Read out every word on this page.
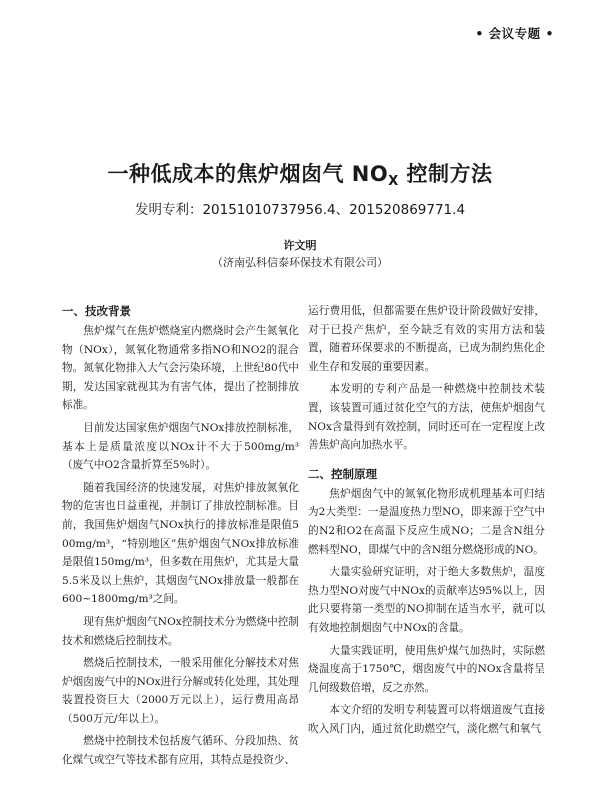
• 会议专题 •
一种低成本的焦炉烟囱气 $NO_X$ 控制方法
发明专利：20151010737956.4、201520869771.4
许文明
（济南弘科信泰环保技术有限公司）
一、技改背景

焦炉煤气在焦炉燃烧室内燃烧时会产生氮氧化物（NOx），氮氧化物通常多指NO和NO2的混合物。氮氧化物排入大气会污染环境，上世纪80代中期，发达国家就视其为有害气体，提出了控制排放标准。

目前发达国家焦炉烟囱气NOx排放控制标准，基本上是质量浓度以NOx计不大于500mg/m³（废气中O2含量折算至5%时）。

随着我国经济的快速发展，对焦炉排放氮氧化物的危害也日益重视，并制订了排放控制标准。目前，我国焦炉烟囱气NOx执行的排放标准是限值500mg/m³，“特别地区”焦炉烟囱气NOx排放标准是限值150mg/m³，但多数在用焦炉，尤其是大量5.5米及以上焦炉，其烟囱气NOx排放量一般都在600~1800mg/m³之间。

现有焦炉烟囱气NOx控制技术分为燃烧中控制技术和燃烧后控制技术。

燃烧后控制技术，一般采用催化分解技术对焦炉烟囱废气中的NOx进行分解或转化处理，其处理装置投资巨大（2000万元以上），运行费用高昂（500万元/年以上）。

燃烧中控制技术包括废气循环、分段加热、贫化煤气或空气等技术都有应用，其特点是投资少、

运行费用低，但都需要在焦炉设计阶段做好安排，对于已投产焦炉，至今缺乏有效的实用方法和装置，随着环保要求的不断提高，已成为制约焦化企业生存和发展的重要因素。

本发明的专利产品是一种燃烧中控制技术装置，该装置可通过贫化空气的方法，使焦炉烟囱气NOx含量得到有效控制，同时还可在一定程度上改善焦炉高向加热水平。

二、控制原理

焦炉烟囱气中的氮氧化物形成机理基本可归结为2大类型：一是温度热力型NO，即来源于空气中的N2和O2在高温下反应生成NO；二是含N组分燃料型NO，即煤气中的含N组分燃烧形成的NO。

大量实验研究证明，对于绝大多数焦炉，温度热力型NO对废气中NOx的贡献率达95%以上，因此只要将第一类型的NO抑制在适当水平，就可以有效地控制烟囱气中NOx的含量。

大量实践证明，使用焦炉煤气加热时，实际燃烧温度高于1750℃，烟囱废气中的NOx含量将呈几何级数倍增，反之亦然。

本文介绍的发明专利装置可以将烟道废气直接吹入风门内，通过贫化助燃空气，淡化燃气和氧气
